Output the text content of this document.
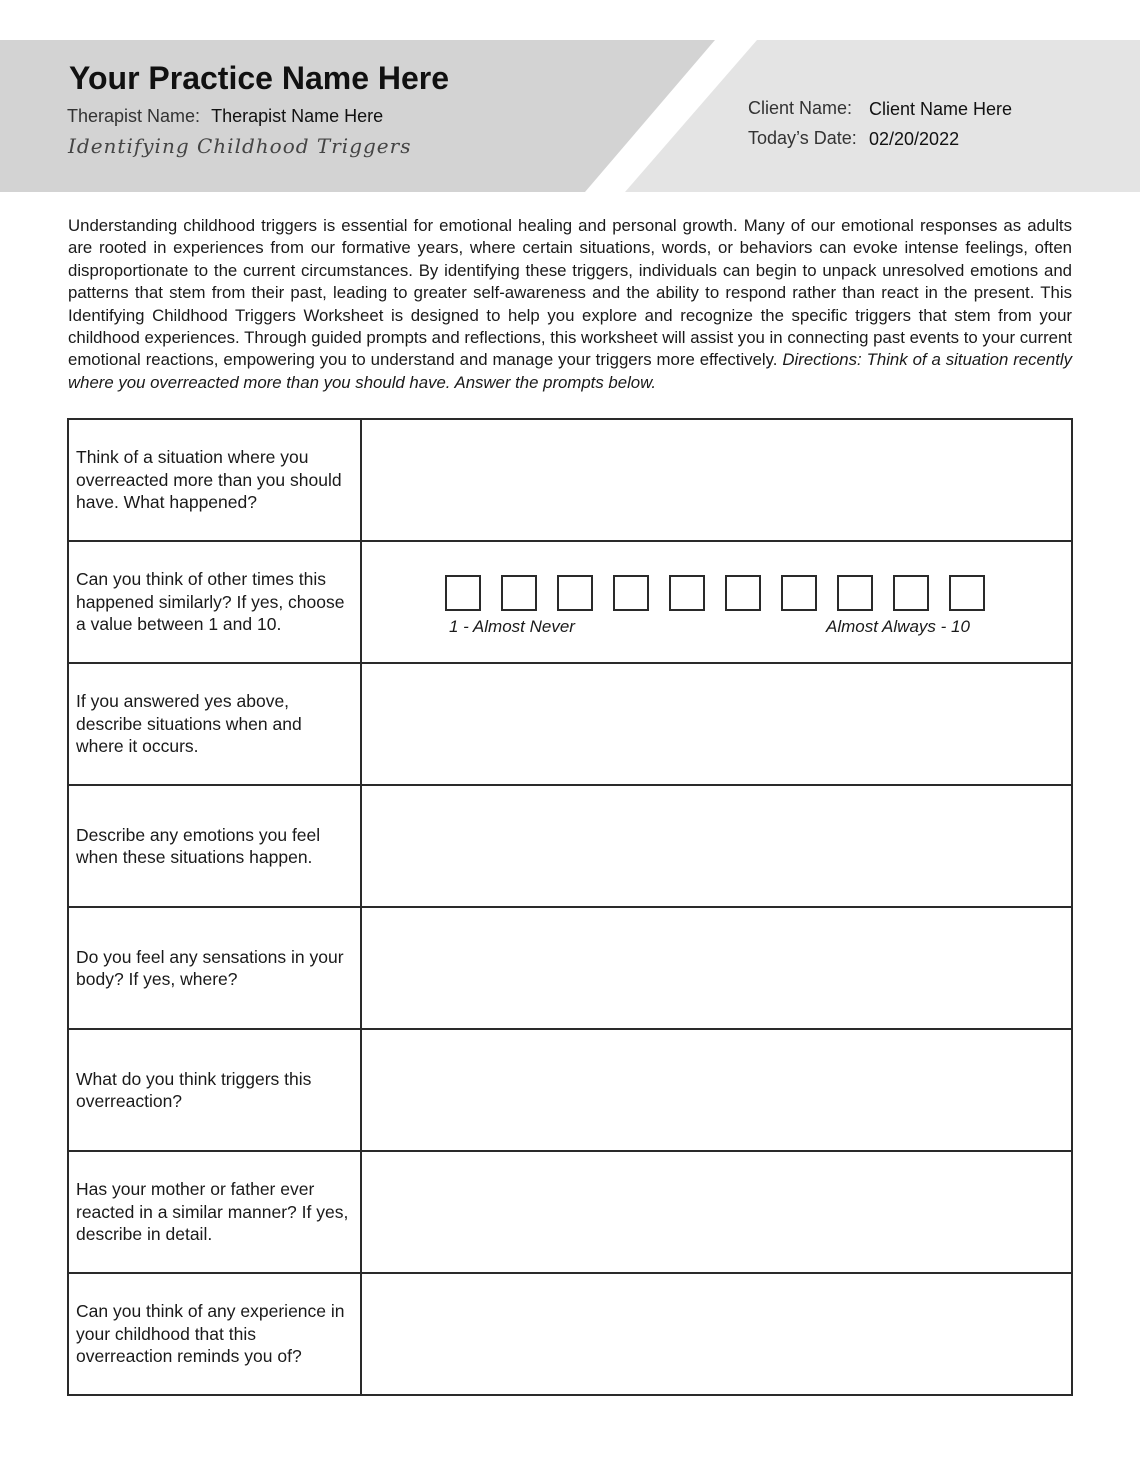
Your Practice Name Here
Therapist Name: Therapist Name Here
Identifying Childhood Triggers
Client Name: Client Name Here
Today’s Date: 02/20/2022
Understanding childhood triggers is essential for emotional healing and personal growth. Many of our emotional responses as adults are rooted in experiences from our formative years, where certain situations, words, or behaviors can evoke intense feelings, often disproportionate to the current circumstances. By identifying these triggers, individuals can begin to unpack unresolved emotions and patterns that stem from their past, leading to greater self-awareness and the ability to respond rather than react in the present. This Identifying Childhood Triggers Worksheet is designed to help you explore and recognize the specific triggers that stem from your childhood experiences. Through guided prompts and reflections, this worksheet will assist you in connecting past events to your current emotional reactions, empowering you to understand and manage your triggers more effectively. Directions: Think of a situation recently where you overreacted more than you should have. Answer the prompts below.
Think of a situation where you overreacted more than you should have. What happened?	
Can you think of other times this happened similarly? If yes, choose a value between 1 and 10.	1 - Almost Never Almost Always - 10

If you answered yes above, describe situations when and where it occurs.	
Describe any emotions you feel when these situations happen.	
Do you feel any sensations in your body? If yes, where?	
What do you think triggers this overreaction?	
Has your mother or father ever reacted in a similar manner? If yes, describe in detail.	
Can you think of any experience in your childhood that this overreaction reminds you of?	
